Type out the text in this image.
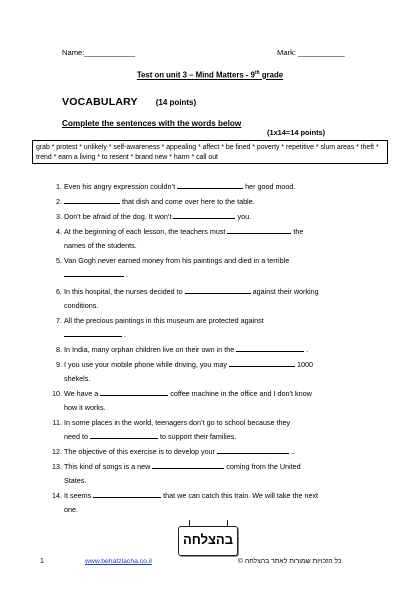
Name:____________	Mark: ___________
Test on unit 3 – Mind Matters - 9th grade
VOCABULARY (14 points)
Complete the sentences with the words below
(1x14=14 points)
grab * protest * unlikely * self-awareness * appealing * affect * be fined * poverty * repetitive * slum areas * theft * trend * earn a living * to resent * brand new * harm * call out
1. Even his angry expression couldn’t	her good mood.
2.	that dish and come over here to the table.
3. Don’t be afraid of the dog. It won’t	you.
4. At the beginning of each lesson, the teachers must	the
names of the students.
5. Van Gogh never earned money from his paintings and died in a terrible
.
6. In this hospital, the nurses decided to	against their working
conditions.
7. All the precious paintings in this museum are protected against
.
8. In India, many orphan children live on their own in the	.
9. I you use your mobile phone while driving, you may	1000
shekels.
10. We have a	coffee machine in the office and I don’t know
how it works.
11. In some places in the world, teenagers don’t go to school because they
need to	to support their families.
12. The objective of this exercise is to develop your	..
13. This kind of songs is a new	coming from the United
States.
14. It seems	that we can catch this train. We will take the next
one.
בהצלחה
1	www.behatzlacha.co.il	כל הזכויות שמורות לאתר בהצלחה ©
